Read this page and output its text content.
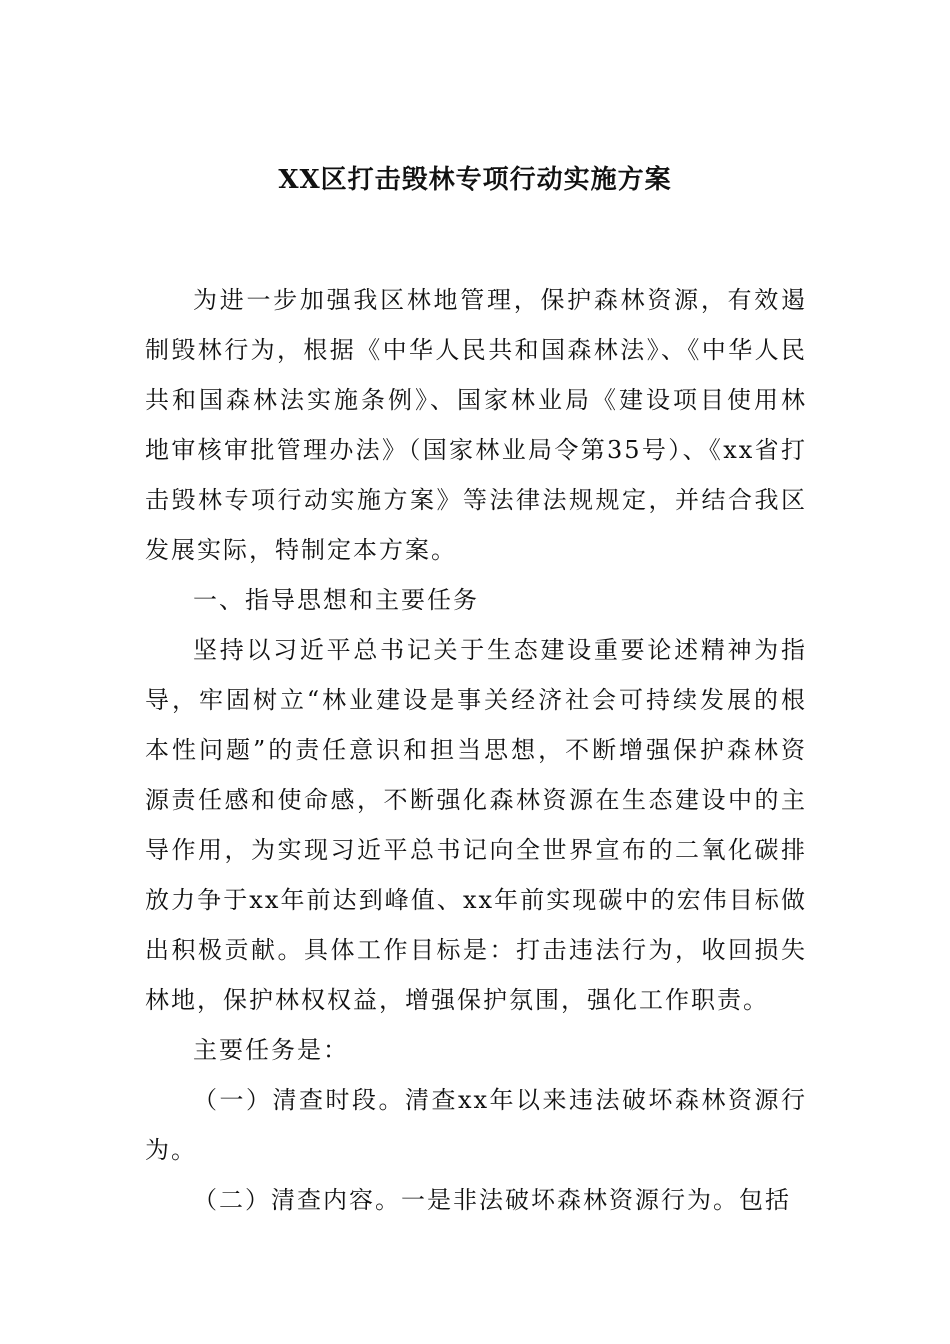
XX区打击毁林专项行动实施方案

为进一步加强我区林地管理，保护森林资源，有效遏制毁林行为，根据《中华人民共和国森林法》、《中华人民共和国森林法实施条例》、国家林业局《建设项目使用林地审核审批管理办法》（国家林业局令第35号）、《xx省打击毁林专项行动实施方案》等法律法规规定，并结合我区发展实际，特制定本方案。

一、指导思想和主要任务

坚持以习近平总书记关于生态建设重要论述精神为指导，牢固树立“林业建设是事关经济社会可持续发展的根本性问题”的责任意识和担当思想，不断增强保护森林资源责任感和使命感，不断强化森林资源在生态建设中的主导作用，为实现习近平总书记向全世界宣布的二氧化碳排放力争于xx年前达到峰值、xx年前实现碳中的宏伟目标做出积极贡献。具体工作目标是：打击违法行为，收回损失林地，保护林权权益，增强保护氛围，强化工作职责。

主要任务是：

（一）清查时段。清查xx年以来违法破坏森林资源行为。

（二）清查内容。一是非法破坏森林资源行为。包括
